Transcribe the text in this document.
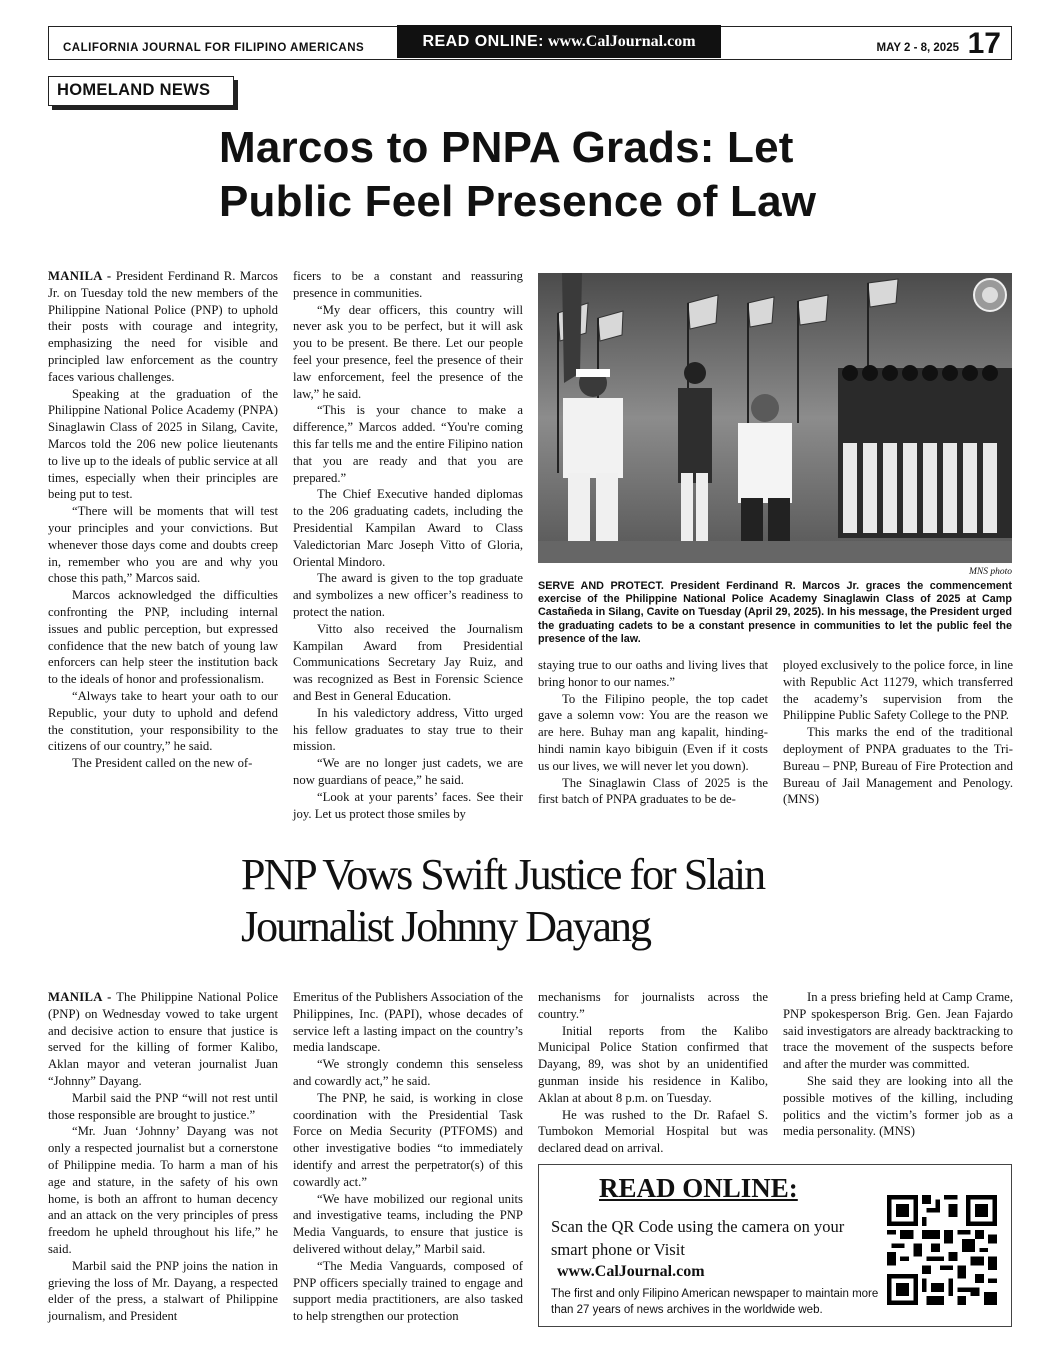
CALIFORNIA JOURNAL FOR FILIPINO AMERICANS	READ ONLINE: www.CalJournal.com	MAY 2 - 8, 2025 17
HOMELAND NEWS
Marcos to PNPA Grads: Let
Public Feel Presence of Law

MANILA - President Ferdinand R. Marcos Jr. on Tuesday told the new members of the Philippine National Police (PNP) to uphold their posts with courage and integrity, emphasizing the need for visible and principled law enforcement as the country faces various challenges.

Speaking at the graduation of the Philippine National Police Academy (PNPA) Sinaglawin Class of 2025 in Silang, Cavite, Marcos told the 206 new police lieutenants to live up to the ideals of public service at all times, especially when their principles are being put to test.

“There will be moments that will test your principles and your convictions. But whenever those days come and doubts creep in, remember who you are and why you chose this path,” Marcos said.

Marcos acknowledged the difficulties confronting the PNP, including internal issues and public perception, but expressed confidence that the new batch of young law enforcers can help steer the institution back to the ideals of honor and professionalism.

“Always take to heart your oath to our Republic, your duty to uphold and defend the constitution, your responsibility to the citizens of our country,” he said.

The President called on the new of-

ficers to be a constant and reassuring presence in communities.

“My dear officers, this country will never ask you to be perfect, but it will ask you to be present. Be there. Let our people feel your presence, feel the presence of their law enforcement, feel the presence of the law,” he said.

“This is your chance to make a difference,” Marcos added. “You're coming this far tells me and the entire Filipino nation that you are ready and that you are prepared.”

The Chief Executive handed diplomas to the 206 graduating cadets, including the Presidential Kampilan Award to Class Valedictorian Marc Joseph Vitto of Gloria, Oriental Mindoro.

The award is given to the top graduate and symbolizes a new officer’s readiness to protect the nation.

Vitto also received the Journalism Kampilan Award from Presidential Communications Secretary Jay Ruiz, and was recognized as Best in Forensic Science and Best in General Education.

In his valedictory address, Vitto urged his fellow graduates to stay true to their mission.

“We are no longer just cadets, we are now guardians of peace,” he said.

“Look at your parents’ faces. See their joy. Let us protect those smiles by

MNS photo
SERVE AND PROTECT. President Ferdinand R. Marcos Jr. graces the commencement exercise of the Philippine National Police Academy Sinaglawin Class of 2025 at Camp Castañeda in Silang, Cavite on Tuesday (April 29, 2025). In his message, the President urged the graduating cadets to be a constant presence in communities to let the public feel the presence of the law.

staying true to our oaths and living lives that bring honor to our names.”

To the Filipino people, the top cadet gave a solemn vow: You are the reason we are here. Buhay man ang kapalit, hinding-hindi namin kayo bibiguin (Even if it costs us our lives, we will never let you down).

The Sinaglawin Class of 2025 is the first batch of PNPA graduates to be de-

ployed exclusively to the police force, in line with Republic Act 11279, which transferred the academy’s supervision from the Philippine Public Safety College to the PNP.

This marks the end of the traditional deployment of PNPA graduates to the Tri-Bureau – PNP, Bureau of Fire Protection and Bureau of Jail Management and Penology. (MNS)

PNP Vows Swift Justice for Slain
Journalist Johnny Dayang

MANILA - The Philippine National Police (PNP) on Wednesday vowed to take urgent and decisive action to ensure that justice is served for the killing of former Kalibo, Aklan mayor and veteran journalist Juan “Johnny” Dayang.

Marbil said the PNP “will not rest until those responsible are brought to justice.”

“Mr. Juan ‘Johnny’ Dayang was not only a respected journalist but a cornerstone of Philippine media. To harm a man of his age and stature, in the safety of his own home, is both an affront to human decency and an attack on the very principles of press freedom he upheld throughout his life,” he said.

Marbil said the PNP joins the nation in grieving the loss of Mr. Dayang, a respected elder of the press, a stalwart of Philippine journalism, and President

Emeritus of the Publishers Association of the Philippines, Inc. (PAPI), whose decades of service left a lasting impact on the country’s media landscape.

“We strongly condemn this senseless and cowardly act,” he said.

The PNP, he said, is working in close coordination with the Presidential Task Force on Media Security (PTFOMS) and other investigative bodies “to immediately identify and arrest the perpetrator(s) of this cowardly act.”

“We have mobilized our regional units and investigative teams, including the PNP Media Vanguards, to ensure that justice is delivered without delay,” Marbil said.

“The Media Vanguards, composed of PNP officers specially trained to engage and support media practitioners, are also tasked to help strengthen our protection

mechanisms for journalists across the country.”

Initial reports from the Kalibo Municipal Police Station confirmed that Dayang, 89, was shot by an unidentified gunman inside his residence in Kalibo, Aklan at about 8 p.m. on Tuesday.

He was rushed to the Dr. Rafael S. Tumbokon Memorial Hospital but was declared dead on arrival.

In a press briefing held at Camp Crame, PNP spokesperson Brig. Gen. Jean Fajardo said investigators are already backtracking to trace the movement of the suspects before and after the murder was committed.

She said they are looking into all the possible motives of the killing, including politics and the victim’s former job as a media personality. (MNS)

READ ONLINE:
Scan the QR Code using the camera on your smart phone or Visit
www.CalJournal.com
The first and only Filipino American newspaper to maintain more than 27 years of news archives in the worldwide web.
